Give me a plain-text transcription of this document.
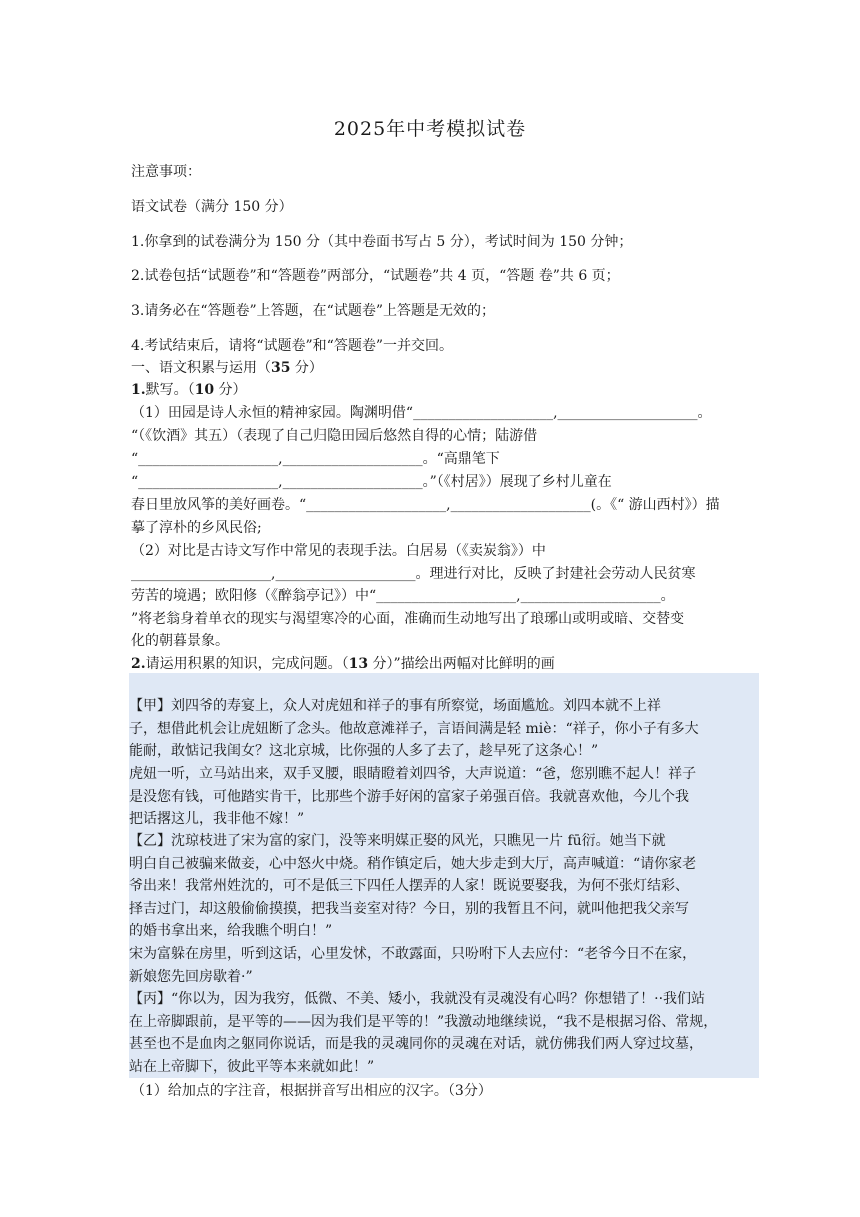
2025年中考模拟试卷
注意事项：
语文试卷（满分 150 分）
1.你拿到的试卷满分为 150 分（其中卷面书写占 5 分），考试时间为 150 分钟；
2.试卷包括“试题卷”和“答题卷”两部分，“试题卷”共 4 页，“答题 卷”共 6 页；
3.请务必在“答题卷”上答题，在“试题卷”上答题是无效的；
4.考试结束后，请将“试题卷”和“答题卷”一并交回。
一、语文积累与运用（35 分）
1.默写。（10 分）
（1）田园是诗人永恒的精神家园。陶渊明借“____________________,____________________。
“（《饮酒》其五）（表现了自己归隐田园后悠然自得的心情；陆游借
“____________________,____________________。“高鼎笔下
“____________________,____________________。”（《村居》）展现了乡村儿童在
春日里放风筝的美好画卷。“____________________,____________________(。《“ 游山西村》）描
摹了淳朴的乡风民俗;
（2）对比是古诗文写作中常见的表现手法。白居易（《卖炭翁》）中
____________________,____________________。理进行对比，反映了封建社会劳动人民贫寒
劳苦的境遇；欧阳修（《醉翁亭记》）中“____________________,____________________。
”将老翁身着单衣的现实与渴望寒冷的心面，准确而生动地写出了琅琊山或明或暗、交替变
化的朝暮景象。
2.请运用积累的知识，完成问题。（13 分）”描绘出两幅对比鲜明的画
【甲】刘四爷的寿宴上，众人对虎妞和祥子的事有所察觉，场面尴尬。刘四本就不上祥
子，想借此机会让虎妞断了念头。他故意滩祥子，言语间满是轻 miè：“祥子，你小子有多大
能耐，敢惦记我闺女？这北京城，比你强的人多了去了，趁早死了这条心！”
虎妞一听，立马站出来，双手叉腰，眼睛瞪着刘四爷，大声说道：“爸，您别瞧不起人！祥子
是没您有钱，可他踏实肯干，比那些个游手好闲的富家子弟强百倍。我就喜欢他，今儿个我
把话撂这儿，我非他不嫁！”
【乙】沈琼枝进了宋为富的家门，没等来明媒正娶的风光，只瞧见一片 fū衍。她当下就
明白自己被骗来做妾，心中怒火中烧。稍作镇定后，她大步走到大厅，高声喊道：“请你家老
爷出来！我常州姓沈的，可不是低三下四任人摆弄的人家！既说要娶我，为何不张灯结彩、
择吉过门，却这般偷偷摸摸，把我当妾室对待？今日，别的我暂且不问，就叫他把我父亲写
的婚书拿出来，给我瞧个明白！”
宋为富躲在房里，听到这话，心里发怵，不敢露面，只吩咐下人去应付：“老爷今日不在家，
新娘您先回房歇着·”
【丙】“你以为，因为我穷，低微、不美、矮小，我就没有灵魂没有心吗？你想错了！··我们站
在上帝脚跟前，是平等的——因为我们是平等的！”我激动地继续说，“我不是根据习俗、常规，
甚至也不是血肉之躯同你说话，而是我的灵魂同你的灵魂在对话，就仿佛我们两人穿过坟墓，
站在上帝脚下，彼此平等本来就如此！”
（1）给加点的字注音，根据拼音写出相应的汉字。（3分）
